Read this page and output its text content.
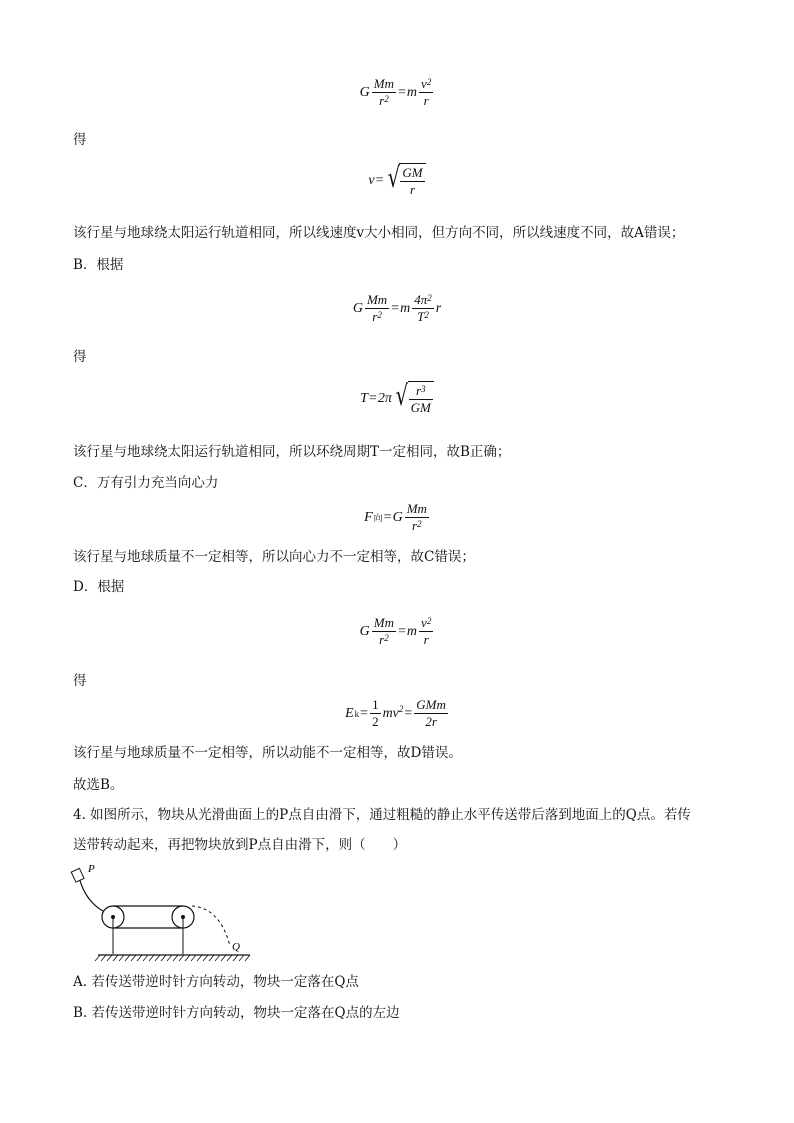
G $\frac{Mm}{r^2} = m \frac{v^2}{r}$
得
v = √ $\frac{GM}{r}$
该行星与地球绕太阳运行轨道相同，所以线速度v大小相同，但方向不同，所以线速度不同，故A错误；
B．根据
G $\frac{Mm}{r^2} = m \frac{4\pi^2}{T^2}$ r
得
T = 2π √ $\frac{r^3}{GM}$
该行星与地球绕太阳运行轨道相同，所以环绕周期T一定相同，故B正确；
C．万有引力充当向心力
F 向 = G $\frac{Mm}{r^2}$
该行星与地球质量不一定相等，所以向心力不一定相等，故C错误；
D．根据
G $\frac{Mm}{r^2} = m \frac{v^2}{r}$
得
E $k = \frac{1}{2} mv^2 = \frac{\text{GMm}}{2r}$
该行星与地球质量不一定相等，所以动能不一定相等，故D错误。
故选B。
4. 如图所示，物块从光滑曲面上的P点自由滑下，通过粗糙的静止水平传送带后落到地面上的Q点。若传
送带转动起来，再把物块放到P点自由滑下，则（　　）
P
Q
A. 若传送带逆时针方向转动，物块一定落在Q点
B. 若传送带逆时针方向转动，物块一定落在Q点的左边
